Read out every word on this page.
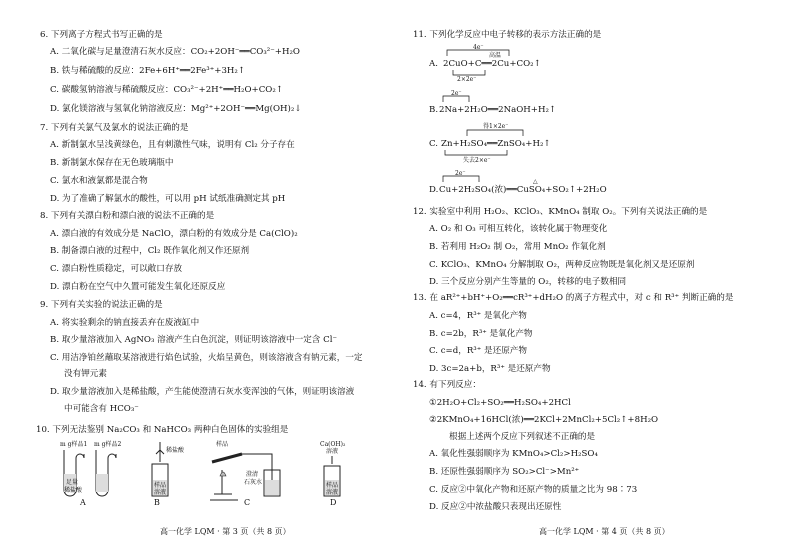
6. 下列离子方程式书写正确的是
A. 二氧化碳与足量澄清石灰水反应：CO₂+2OH⁻══CO₃²⁻+H₂O
B. 铁与稀硫酸的反应：2Fe+6H⁺══2Fe³⁺+3H₂↑
C. 碳酸氢钠溶液与稀硫酸反应：CO₃²⁻+2H⁺══H₂O+CO₂↑
D. 氯化镁溶液与氢氧化钠溶液反应：Mg²⁺+2OH⁻══Mg(OH)₂↓
7. 下列有关氯气及氯水的说法正确的是
A. 新制氯水呈浅黄绿色，且有刺激性气味，说明有 Cl₂ 分子存在
B. 新制氯水保存在无色玻璃瓶中
C. 氯水和液氯都是混合物
D. 为了准确了解氯水的酸性，可以用 pH 试纸准确测定其 pH
8. 下列有关漂白粉和漂白液的说法不正确的是
A. 漂白液的有效成分是 NaClO，漂白粉的有效成分是 Ca(ClO)₂
B. 制备漂白液的过程中，Cl₂ 既作氧化剂又作还原剂
C. 漂白粉性质稳定，可以敞口存放
D. 漂白粉在空气中久置可能发生氧化还原反应
9. 下列有关实验的说法正确的是
A. 将实验剩余的钠直接丢弃在废液缸中
B. 取少量溶液加入 AgNO₃ 溶液产生白色沉淀，则证明该溶液中一定含 Cl⁻
C. 用洁净铂丝蘸取某溶液进行焰色试验，火焰呈黄色，则该溶液含有钠元素，一定
没有钾元素
D. 取少量溶液加入是稀盐酸，产生能使澄清石灰水变浑浊的气体，则证明该溶液
中可能含有 HCO₃⁻
10. 下列无法鉴别 Na₂CO₃ 和 NaHCO₃ 两种白色固体的实验组是
m g样品1 m g样品2
足量
稀盐酸
A
稀盐酸
样品
溶液
B
样品
澄清
石灰水
C
Ca(OH)₂
溶液
样品
溶液
D
高一化学 LQM · 第 3 页（共 8 页）
11. 下列化学反应中电子转移的表示方法正确的是
A.
4e⁻
高温
2CuO+C══2Cu+CO₂↑
2×2e⁻
B.
2e⁻
2Na+2H₂O══2NaOH+H₂↑
C.
得1×2e⁻
Zn+H₂SO₄══ZnSO₄+H₂↑
失去2×e⁻
D.
2e⁻
△
Cu+2H₂SO₄(浓)══CuSO₄+SO₂↑+2H₂O
12. 实验室中利用 H₂O₂、KClO₃、KMnO₄ 制取 O₂。下列有关说法正确的是
A. O₂ 和 O₃ 可相互转化，该转化属于物理变化
B. 若利用 H₂O₂ 制 O₂，常用 MnO₂ 作氧化剂
C. KClO₃、KMnO₄ 分解制取 O₂，两种反应物既是氧化剂又是还原剂
D. 三个反应分别产生等量的 O₂，转移的电子数相同
13. 在 aR²⁺+bH⁺+O₂══cR³⁺+dH₂O 的离子方程式中，对 c 和 R³⁺ 判断正确的是
A. c=4，R³⁺ 是氧化产物
B. c=2b，R³⁺ 是氧化产物
C. c=d，R³⁺ 是还原产物
D. 3c=2a+b，R³⁺ 是还原产物
14. 有下列反应：
①2H₂O+Cl₂+SO₂══H₂SO₄+2HCl
②2KMnO₄+16HCl(浓)══2KCl+2MnCl₂+5Cl₂↑+8H₂O
根据上述两个反应下列叙述不正确的是
A. 氧化性强弱顺序为 KMnO₄>Cl₂>H₂SO₄
B. 还原性强弱顺序为 SO₂>Cl⁻>Mn²⁺
C. 反应②中氧化产物和还原产物的质量之比为 98∶73
D. 反应②中浓盐酸只表现出还原性
高一化学 LQM · 第 4 页（共 8 页）
